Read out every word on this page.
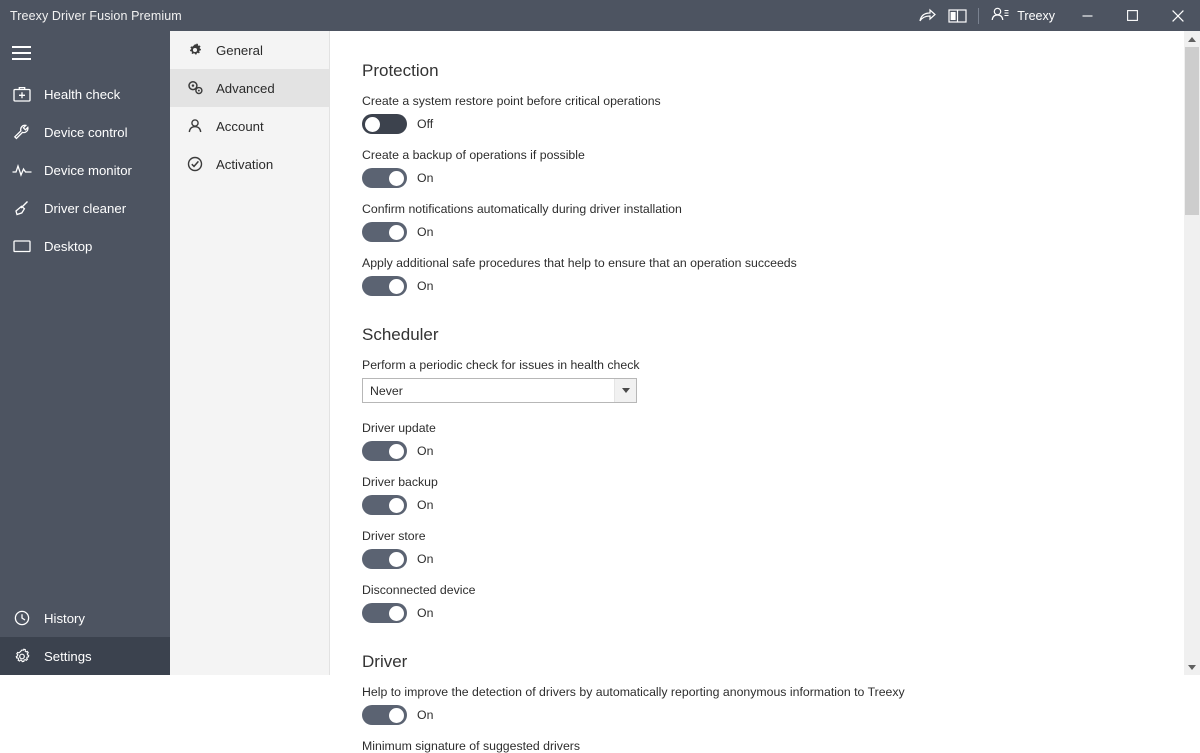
Treexy Driver Fusion Premium	Treexy
Health check
Device control
Device monitor
Driver cleaner
Desktop
History
Settings
General
Advanced
Account
Activation
Protection
Create a system restore point before critical operations
Off
Create a backup of operations if possible
On
Confirm notifications automatically during driver installation
On
Apply additional safe procedures that help to ensure that an operation succeeds
On
Scheduler
Perform a periodic check for issues in health check
Never
Driver update
On
Driver backup
On
Driver store
On
Disconnected device
On
Driver
Help to improve the detection of drivers by automatically reporting anonymous information to Treexy
On
Minimum signature of suggested drivers
